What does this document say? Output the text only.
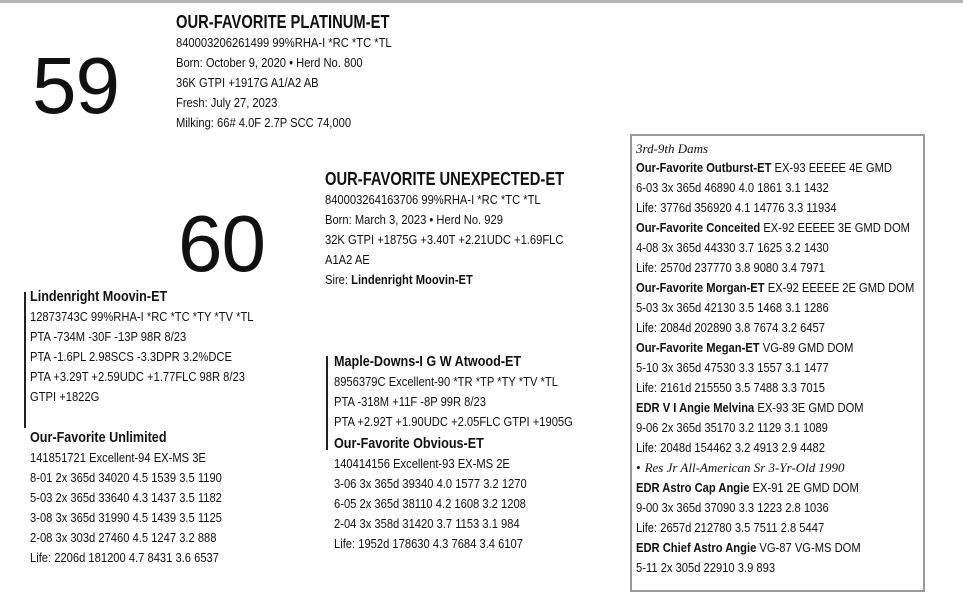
59
OUR-FAVORITE PLATINUM-ET
840003206261499 99%RHA-I *RC *TC *TL
Born: October 9, 2020 • Herd No. 800
36K GTPI +1917G A1/A2 AB
Fresh: July 27, 2023
Milking: 66# 4.0F 2.7P SCC 74,000
60
OUR-FAVORITE UNEXPECTED-ET
840003264163706 99%RHA-I *RC *TC *TL
Born: March 3, 2023 • Herd No. 929
32K GTPI +1875G +3.40T +2.21UDC +1.69FLC
A1A2 AE
Sire: Lindenright Moovin-ET
Lindenright Moovin-ET
12873743C 99%RHA-I *RC *TC *TY *TV *TL
PTA -734M -30F -13P 98R 8/23
PTA -1.6PL 2.98SCS -3.3DPR 3.2%DCE
PTA +3.29T +2.59UDC +1.77FLC 98R 8/23
GTPI +1822G
Our-Favorite Unlimited
141851721 Excellent-94 EX-MS 3E
8-01 2x 365d 34020 4.5 1539 3.5 1190
5-03 2x 365d 33640 4.3 1437 3.5 1182
3-08 3x 365d 31990 4.5 1439 3.5 1125
2-08 3x 303d 27460 4.5 1247 3.2 888
Life: 2206d 181200 4.7 8431 3.6 6537
Maple-Downs-I G W Atwood-ET
8956379C Excellent-90 *TR *TP *TY *TV *TL
PTA -318M +11F -8P 99R 8/23
PTA +2.92T +1.90UDC +2.05FLC GTPI +1905G
Our-Favorite Obvious-ET
140414156 Excellent-93 EX-MS 2E
3-06 3x 365d 39340 4.0 1577 3.2 1270
6-05 2x 365d 38110 4.2 1608 3.2 1208
2-04 3x 358d 31420 3.7 1153 3.1 984
Life: 1952d 178630 4.3 7684 3.4 6107
3rd-9th Dams
Our-Favorite Outburst-ET EX-93 EEEEE 4E GMD
6-03 3x 365d 46890 4.0 1861 3.1 1432
Life: 3776d 356920 4.1 14776 3.3 11934
Our-Favorite Conceited EX-92 EEEEE 3E GMD DOM
4-08 3x 365d 44330 3.7 1625 3.2 1430
Life: 2570d 237770 3.8 9080 3.4 7971
Our-Favorite Morgan-ET EX-92 EEEEE 2E GMD DOM
5-03 3x 365d 42130 3.5 1468 3.1 1286
Life: 2084d 202890 3.8 7674 3.2 6457
Our-Favorite Megan-ET VG-89 GMD DOM
5-10 3x 365d 47530 3.3 1557 3.1 1477
Life: 2161d 215550 3.5 7488 3.3 7015
EDR V I Angie Melvina EX-93 3E GMD DOM
9-06 2x 365d 35170 3.2 1129 3.1 1089
Life: 2048d 154462 3.2 4913 2.9 4482
• Res Jr All-American Sr 3-Yr-Old 1990
EDR Astro Cap Angie EX-91 2E GMD DOM
9-00 3x 365d 37090 3.3 1223 2.8 1036
Life: 2657d 212780 3.5 7511 2.8 5447
EDR Chief Astro Angie VG-87 VG-MS DOM
5-11 2x 305d 22910 3.9 893
